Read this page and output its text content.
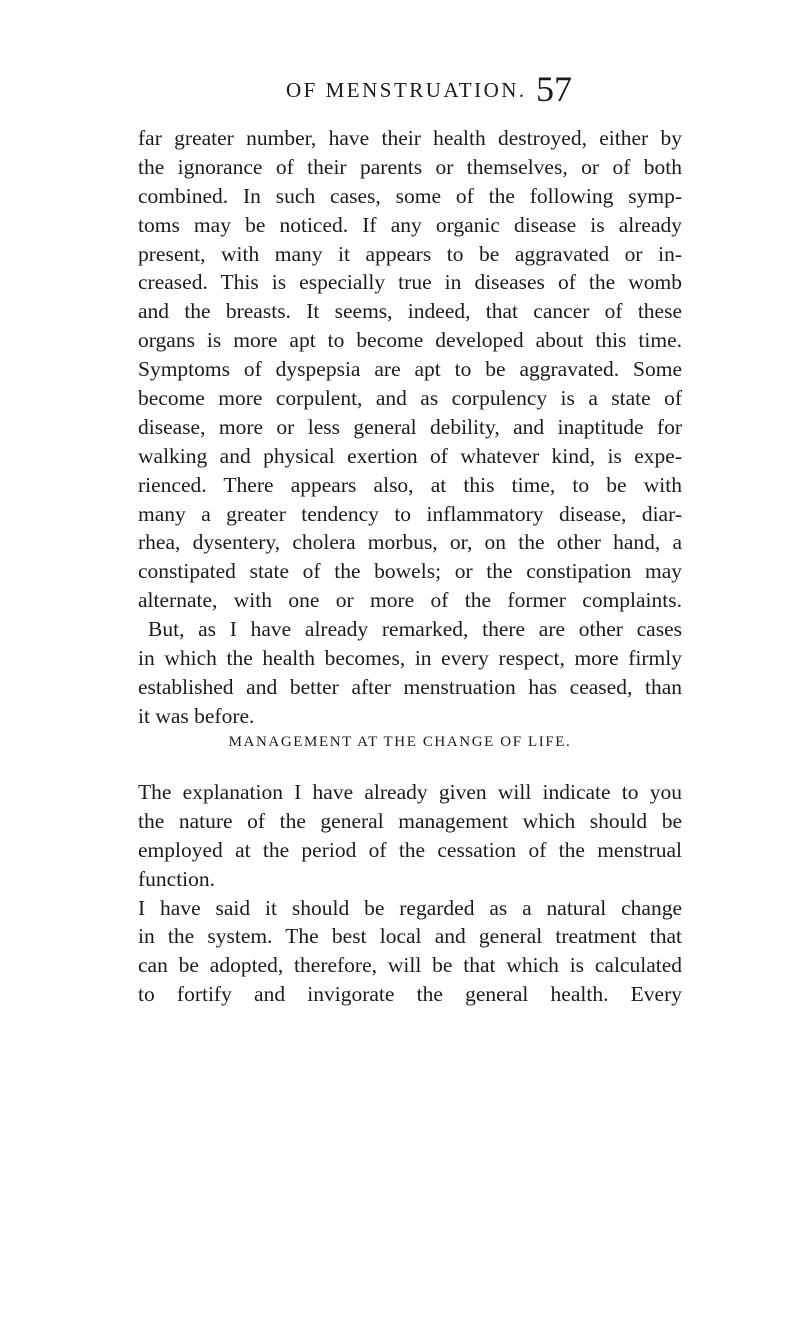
OF MENSTRUATION. 57
far greater number, have their health destroyed, either by
the ignorance of their parents or themselves, or of both
combined. In such cases, some of the following symp-
toms may be noticed. If any organic disease is already
present, with many it appears to be aggravated or in-
creased. This is especially true in diseases of the womb
and the breasts. It seems, indeed, that cancer of these
organs is more apt to become developed about this time.
Symptoms of dyspepsia are apt to be aggravated. Some
become more corpulent, and as corpulency is a state of
disease, more or less general debility, and inaptitude for
walking and physical exertion of whatever kind, is expe-
rienced. There appears also, at this time, to be with
many a greater tendency to inflammatory disease, diar-
rhea, dysentery, cholera morbus, or, on the other hand, a
constipated state of the bowels; or the constipation may
alternate, with one or more of the former complaints.
But, as I have already remarked, there are other cases
in which the health becomes, in every respect, more firmly
established and better after menstruation has ceased, than
it was before.
MANAGEMENT AT THE CHANGE OF LIFE.
The explanation I have already given will indicate to you
the nature of the general management which should be
employed at the period of the cessation of the menstrual
function.
I have said it should be regarded as a natural change
in the system. The best local and general treatment that
can be adopted, therefore, will be that which is calculated
to fortify and invigorate the general health. Every
